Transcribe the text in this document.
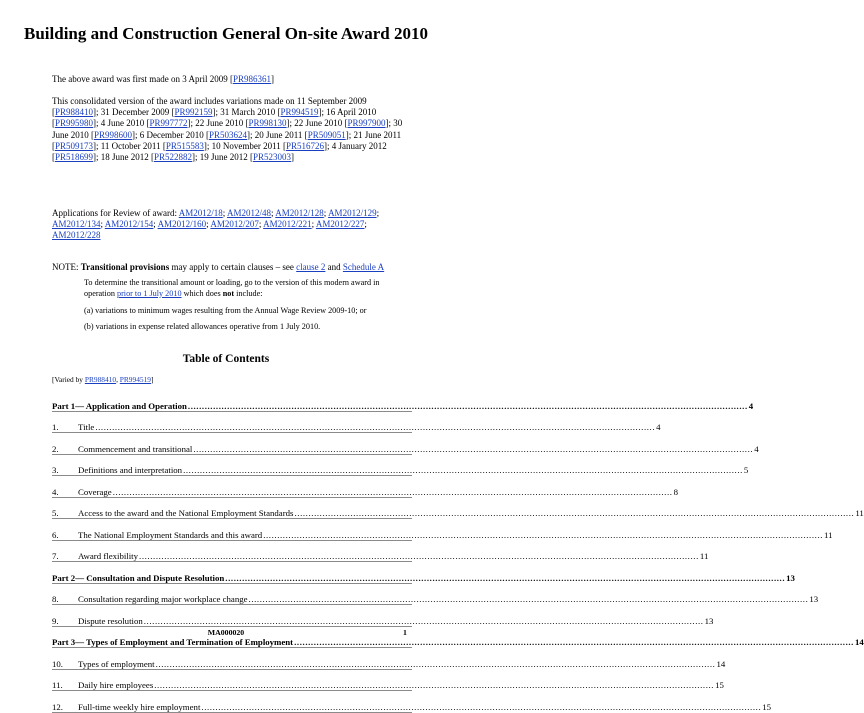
Building and Construction General On-site Award 2010
The above award was first made on 3 April 2009 [PR986361]
This consolidated version of the award includes variations made on 11 September 2009 [PR988410]; 31 December 2009 [PR992159]; 31 March 2010 [PR994519]; 16 April 2010 [PR995980]; 4 June 2010 [PR997772]; 22 June 2010 [PR998130]; 22 June 2010 [PR997900]; 30 June 2010 [PR998600]; 6 December 2010 [PR503624]; 20 June 2011 [PR509051]; 21 June 2011 [PR509173]; 11 October 2011 [PR515583]; 10 November 2011 [PR516726]; 4 January 2012 [PR518699]; 18 June 2012 [PR522882]; 19 June 2012 [PR523003]
Applications for Review of award: AM2012/18; AM2012/48; AM2012/128; AM2012/129; AM2012/134; AM2012/154; AM2012/160; AM2012/207; AM2012/221; AM2012/227; AM2012/228
NOTE: Transitional provisions may apply to certain clauses – see clause 2 and Schedule A
To determine the transitional amount or loading, go to the version of this modern award in operation prior to 1 July 2010 which does not include:
(a) variations to minimum wages resulting from the Annual Wage Review 2009-10; or
(b) variations in expense related allowances operative from 1 July 2010.
Table of Contents
[Varied by PR988410, PR994519]
Part 1— Application and Operation ........................................................................................................................................................................................................ 4
1.	Title ........................................................................................................................................................................................................ 4
2.	Commencement and transitional ........................................................................................................................................................................................................ 4
3.	Definitions and interpretation ........................................................................................................................................................................................................ 5
4.	Coverage ........................................................................................................................................................................................................ 8
5.	Access to the award and the National Employment Standards ........................................................................................................................................................................................................ 11
6.	The National Employment Standards and this award ........................................................................................................................................................................................................ 11
7.	Award flexibility ........................................................................................................................................................................................................ 11
Part 2— Consultation and Dispute Resolution ........................................................................................................................................................................................................ 13
8.	Consultation regarding major workplace change ........................................................................................................................................................................................................ 13
9.	Dispute resolution ........................................................................................................................................................................................................ 13
Part 3— Types of Employment and Termination of Employment ........................................................................................................................................................................................................ 14
10.	Types of employment ........................................................................................................................................................................................................ 14
11.	Daily hire employees ........................................................................................................................................................................................................ 15
12.	Full-time weekly hire employment ........................................................................................................................................................................................................ 15
MA000020	1
